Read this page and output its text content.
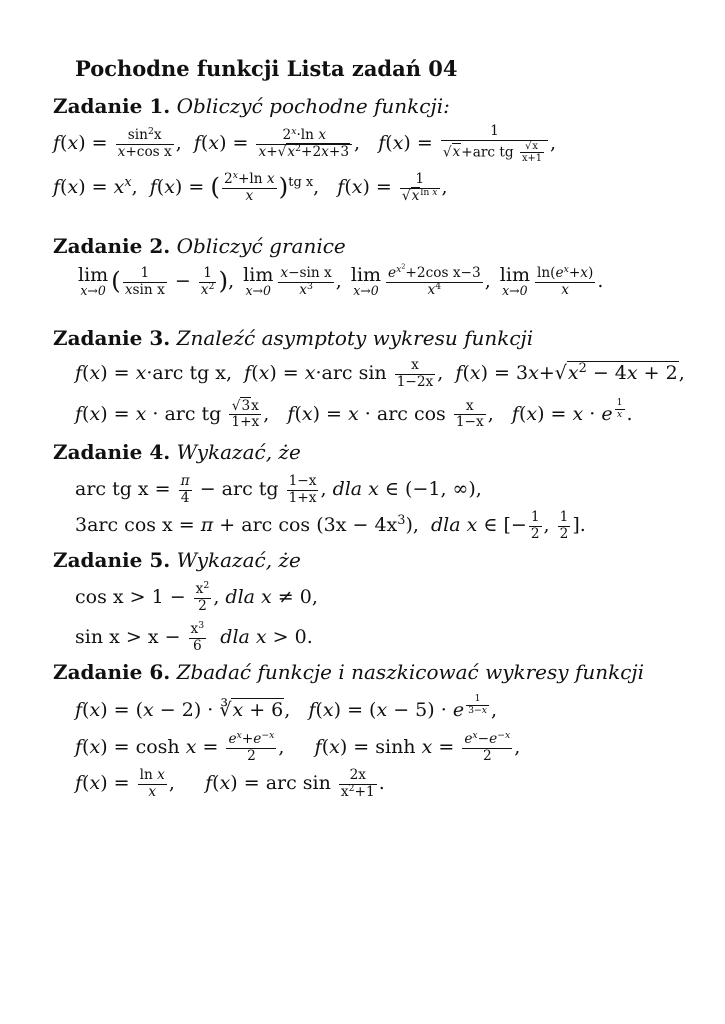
Pochodne funkcji Lista zadań 04
Zadanie 1. Obliczyć pochodne funkcji:
$f(x) = \frac{\sin^2x}{\text{x+cos x}}$ ,  $f(x) = \frac{2^x\cdot\ln x}{x+√x^2+2x+3}$ ,   $f(x) = \frac{1}{√x+arc tg \frac{√x}{x+1}}$ ,
$f(x) = x^x$,  f(x) = ( $\frac{2^x+\ln x}{x} )^{tg x}$,   $f(x) = \frac{1}{√x^{ln x}}$ ,
Zadanie 2. Obliczyć granice
lim
x→0 ( $\frac{1}{\text{xsin x}} - \frac{1}{x^2}$ ), lim
$x\to 0 \frac{\text{x−sin x}}{x^3}$ , lim
$x\to 0 \frac{e^{x^2}+2\cos x-3}{x^4}$ , lim
$x\to 0 \frac{\ln(e^x+x)}{x}$ .
Zadanie 3. Znaleźć asymptoty wykresu funkcji
f(x) = x·arc tg x,  f(x) = x·arc $\sin \frac{x}{1-2x}$ ,  $f(x) = 3x+√x^2 - 4x + 2$,
f(x) = x · arc tg $\frac{√3x}{1+x}$ ,   f(x) = x · arc $\cos \frac{x}{1-x}$ ,   f(x) = x · e $^{\frac{1}{x}}$ .
Zadanie 4. Wykazać, że
arc tg $x = \frac{\pi}{4}$ − arc tg $\frac{1-x}{1+x}$ , dla x ∈ (−1, ∞),
3arc cos x = π + arc $\cos (3x - 4x^3)$,  dla x ∈ [− $\frac{1}{2}$ , $\frac{1}{2}$ ].
Zadanie 5. Wykazać, że
$\cos x > 1 - \frac{x^2}{2}$ , dla x ≠ 0,
$\sin x > x - \frac{x^3}{6}$ dla x > 0.
Zadanie 6. Zbadać funkcje i naszkicować wykresy funkcji
f(x) = (x − 2) · ∛x + 6,   f(x) = (x − 5) · e $^{\frac{1}{3-x}}$ ,
$f(x) = \cosh x = \frac{e^x+e^{-x}}{2}$ ,     $f(x) = \sinh x = \frac{e^x-e^{-x}}{2}$ ,
$f(x) = \frac{\text{ln x}}{x}$ ,     f(x) = arc $\sin \frac{2x}{x^2+1}$ .
